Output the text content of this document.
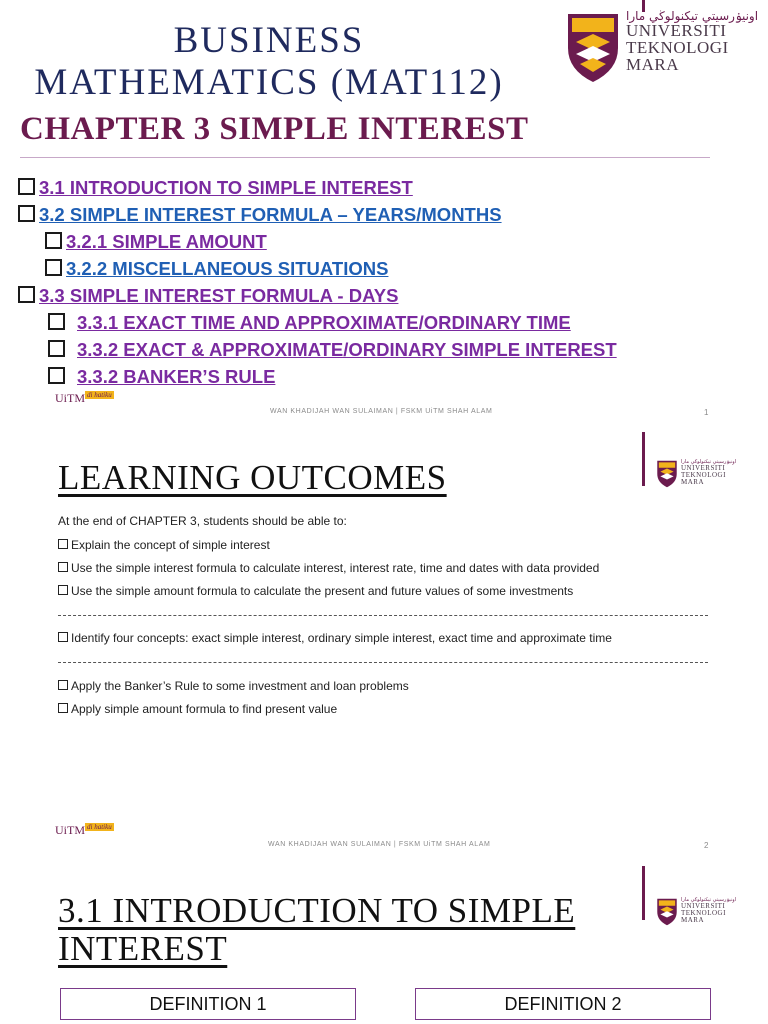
BUSINESS
MATHEMATICS (MAT112)
اونيۏرسيتي تيكنولوڬي مارا
UNIVERSITI
TEKNOLOGI
MARA
CHAPTER 3 SIMPLE INTEREST
3.1 INTRODUCTION TO SIMPLE INTEREST
3.2 SIMPLE INTEREST FORMULA – YEARS/MONTHS
3.2.1 SIMPLE AMOUNT
3.2.2 MISCELLANEOUS SITUATIONS
3.3 SIMPLE INTEREST FORMULA - DAYS
3.3.1 EXACT TIME AND APPROXIMATE/ORDINARY TIME
3.3.2 EXACT & APPROXIMATE/ORDINARY SIMPLE INTEREST
3.3.2 BANKER’S RULE
UiTM di hatiku
WAN KHADIJAH WAN SULAIMAN | FSKM UiTM SHAH ALAM	1
اونيۏرسيتي تيكنولوڬي مارا
UNIVERSITI
TEKNOLOGI
MARA
LEARNING OUTCOMES

At the end of CHAPTER 3, students should be able to:

Explain the concept of simple interest
Use the simple interest formula to calculate interest, interest rate, time and dates with data provided
Use the simple amount formula to calculate the present and future values of some investments
Identify four concepts: exact simple interest, ordinary simple interest, exact time and approximate time
Apply the Banker’s Rule to some investment and loan problems
Apply simple amount formula to find present value
UiTM di hatiku
WAN KHADIJAH WAN SULAIMAN | FSKM UiTM SHAH ALAM	2
اونيۏرسيتي تيكنولوڬي مارا
UNIVERSITI
TEKNOLOGI
MARA
3.1 INTRODUCTION TO SIMPLE
INTEREST
DEFINITION 1	DEFINITION 2
